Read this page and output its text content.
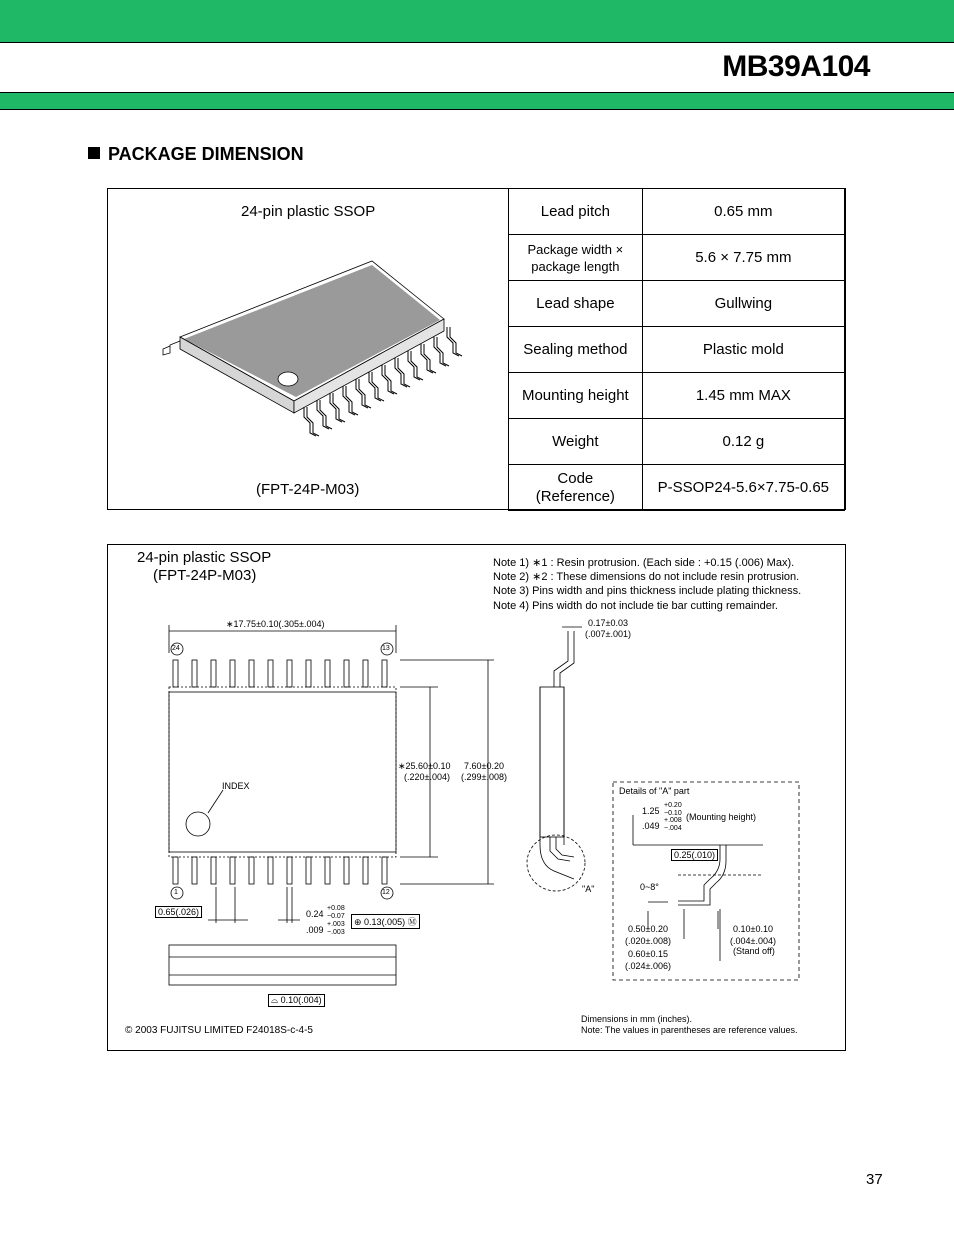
MB39A104
PACKAGE DIMENSION
24-pin plastic SSOP
(FPT-24P-M03)
Lead pitch	0.65 mm
Package width × package length	5.6 × 7.75 mm
Lead shape	Gullwing
Sealing method	Plastic mold
Mounting height	1.45 mm MAX
Weight	0.12 g
Code (Reference)	P-SSOP24-5.6×7.75-0.65
24-pin plastic SSOP
(FPT-24P-M03)
Note 1) ∗1 : Resin protrusion. (Each side : +0.15 (.006) Max).
Note 2) ∗2 : These dimensions do not include resin protrusion.
Note 3) Pins width and pins thickness include plating thickness.
Note 4) Pins width do not include tie bar cutting remainder.
∗17.75±0.10(.305±.004)
24	13
1	12
INDEX
∗25.60±0.10
(.220±.004)
7.60±0.20
(.299±.008)
0.65(.026)	0.24
+0.08
−0.07
.009
+.003
−.003
⊕ 0.13(.005) Ⓜ
⌓ 0.10(.004)
0.17±0.03
(.007±.001)
"A"
Details of "A" part
1.25
+0.20
−0.10
.049
+.008
−.004
(Mounting height)
0.25(.010)
0~8°
0.50±0.20
(.020±.008)
0.60±0.15
(.024±.006)
0.10±0.10
(.004±.004)
(Stand off)
Dimensions in mm (inches).
Note: The values in parentheses are reference values.
© 2003 FUJITSU LIMITED F24018S-c-4-5
37
